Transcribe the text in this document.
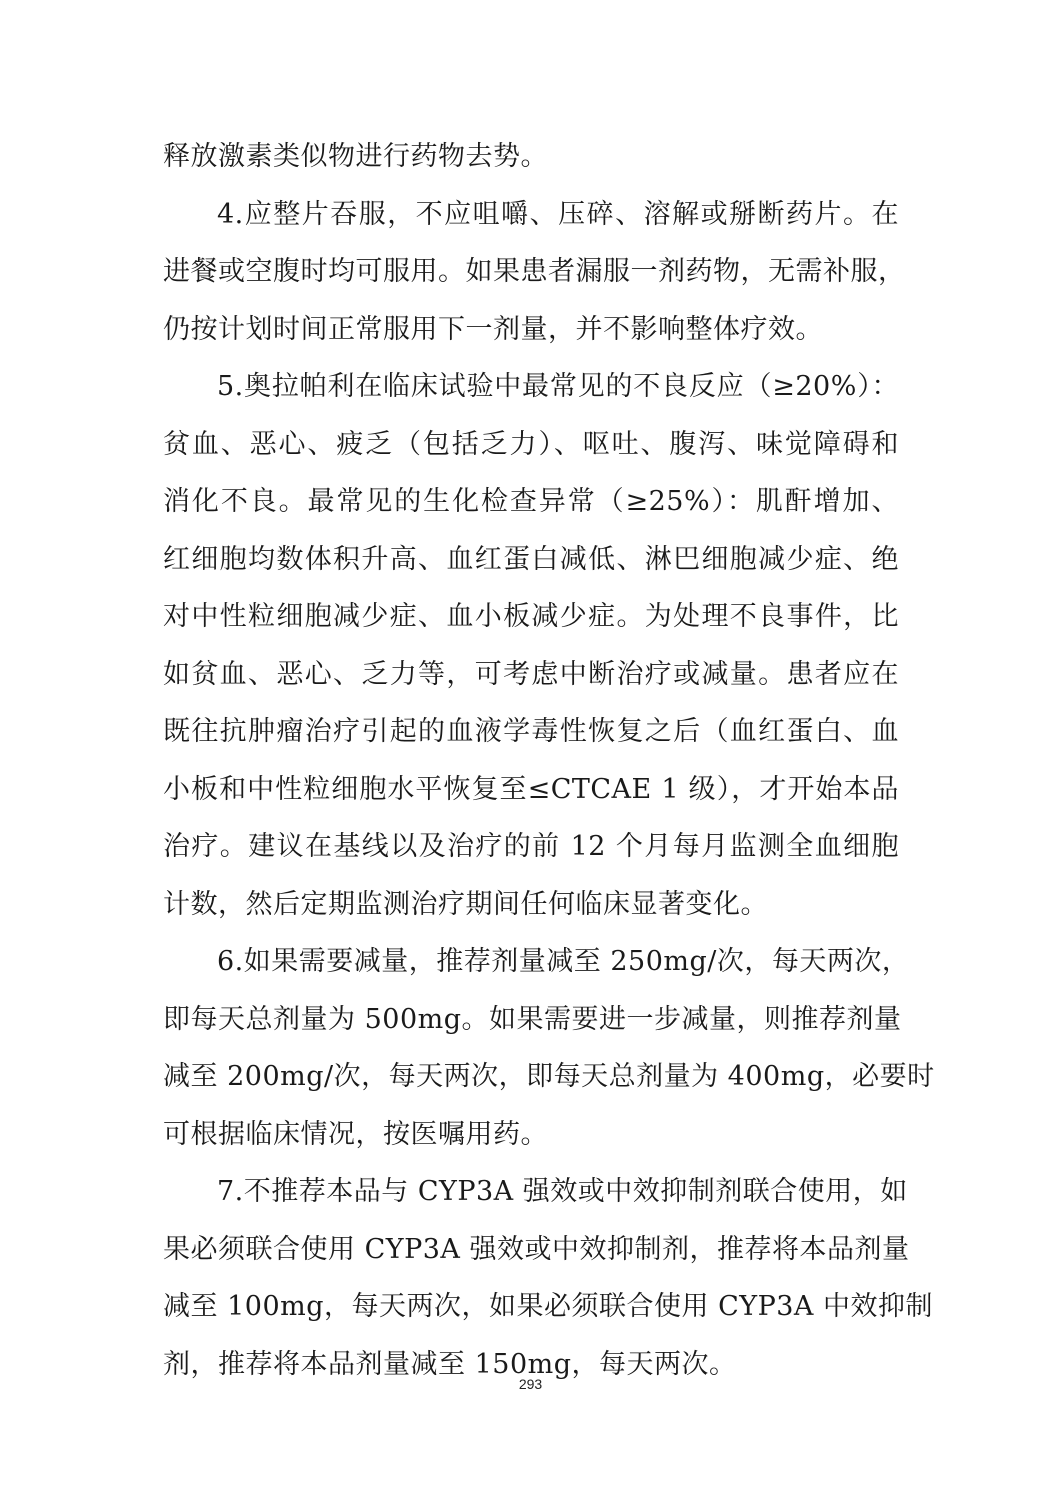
释放激素类似物进行药物去势。
4.应整片吞服，不应咀嚼、压碎、溶解或掰断药片。在
进餐或空腹时均可服用。如果患者漏服一剂药物，无需补服，
仍按计划时间正常服用下一剂量，并不影响整体疗效。
5.奥拉帕利在临床试验中最常见的不良反应（≥20%）：
贫血、恶心、疲乏（包括乏力）、呕吐、腹泻、味觉障碍和
消化不良。最常见的生化检查异常（≥25%）：肌酐增加、
红细胞均数体积升高、血红蛋白减低、淋巴细胞减少症、绝
对中性粒细胞减少症、血小板减少症。为处理不良事件，比
如贫血、恶心、乏力等，可考虑中断治疗或减量。患者应在
既往抗肿瘤治疗引起的血液学毒性恢复之后（血红蛋白、血
小板和中性粒细胞水平恢复至≤CTCAE 1 级），才开始本品
治疗。建议在基线以及治疗的前 12 个月每月监测全血细胞
计数，然后定期监测治疗期间任何临床显著变化。
6.如果需要减量，推荐剂量减至 250mg/次，每天两次，
即每天总剂量为 500mg。如果需要进一步减量，则推荐剂量
减至 200mg/次，每天两次，即每天总剂量为 400mg，必要时
可根据临床情况，按医嘱用药。
7.不推荐本品与 CYP3A 强效或中效抑制剂联合使用，如
果必须联合使用 CYP3A 强效或中效抑制剂，推荐将本品剂量
减至 100mg，每天两次，如果必须联合使用 CYP3A 中效抑制
剂，推荐将本品剂量减至 150mg，每天两次。
293
